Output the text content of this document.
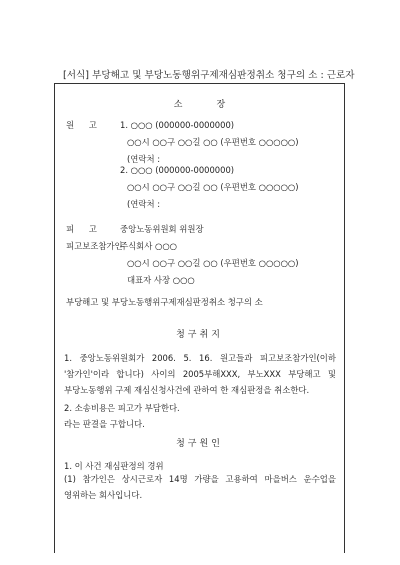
[서식] 부당해고 및 부당노동행위구제재심판정취소 청구의 소 : 근로자
소장
원 고 1. ○○○ (000000-0000000)
○○시 ○○구 ○○길 ○○ (우편번호 ○○○○○)
(연락처 :
2. ○○○ (000000-0000000)
○○시 ○○구 ○○길 ○○ (우편번호 ○○○○○)
(연락처 :
피 고 중앙노동위원회 위원장
피고보조참가인
주식회사 ○○○
○○시 ○○구 ○○길 ○○ (우편번호 ○○○○○)
대표자 사장 ○○○
부당해고 및 부당노동행위구제재심판정취소 청구의 소
청구취지
1. 중앙노동위원회가 2006. 5. 16. 원고들과 피고보조참가인(이하 '참가인'이라 합니다) 사이의 2005부해XXX, 부노XXX 부당해고 및 부당노동행위 구제 재심신청사건에 관하여 한 재심판정을 취소한다.
2. 소송비용은 피고가 부담한다.
라는 판결을 구합니다.
청구원인
1. 이 사건 재심판정의 경위
(1) 참가인은 상시근로자 14명 가량을 고용하여 마을버스 운수업을 영위하는 회사입니다.
